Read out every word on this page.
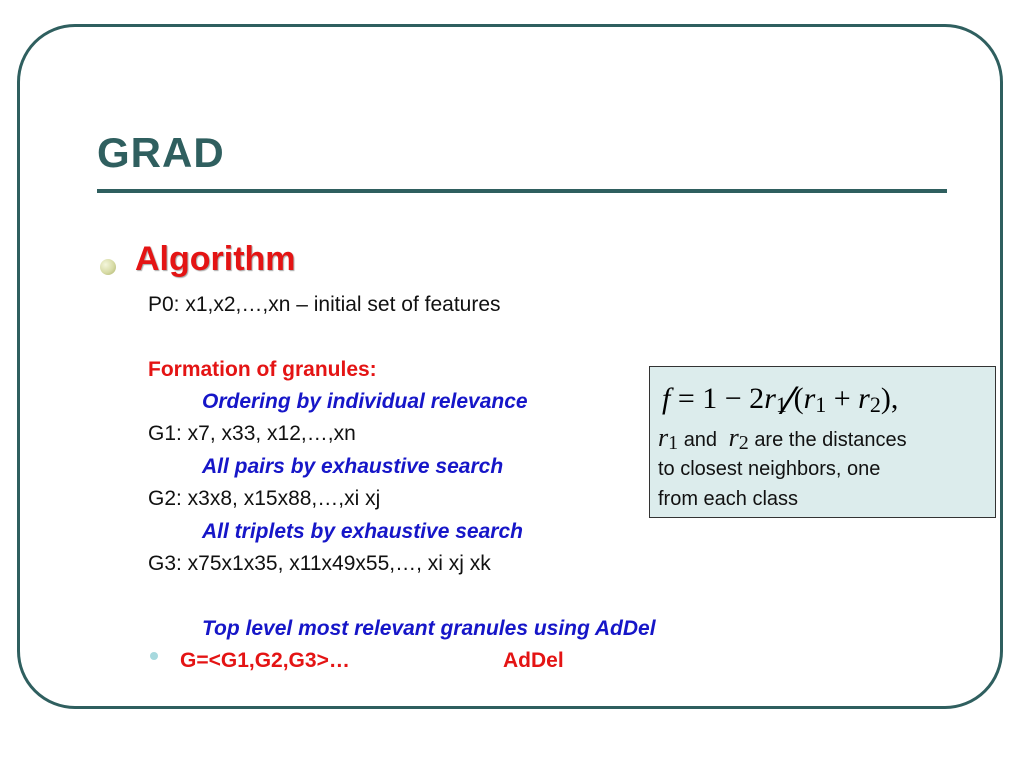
GRAD
Algorithm

P0: x1,x2,…,xn – initial set of features

Formation of granules:

Ordering by individual relevance

G1: x7, x33, x12,…,xn

All pairs by exhaustive search

G2: x3x8, x15x88,…,xi xj

All triplets by exhaustive search

G3: x75x1x35, x11x49x55,…, xi xj xk

Top level most relevant granules using AdDel

G=<G1,G2,G3>…	AdDel

$f = 1 - 2r_1⁄(r_1 + r_2)$,

$r_1$ and $r_2$ are the distances

to closest neighbors, one

from each class
